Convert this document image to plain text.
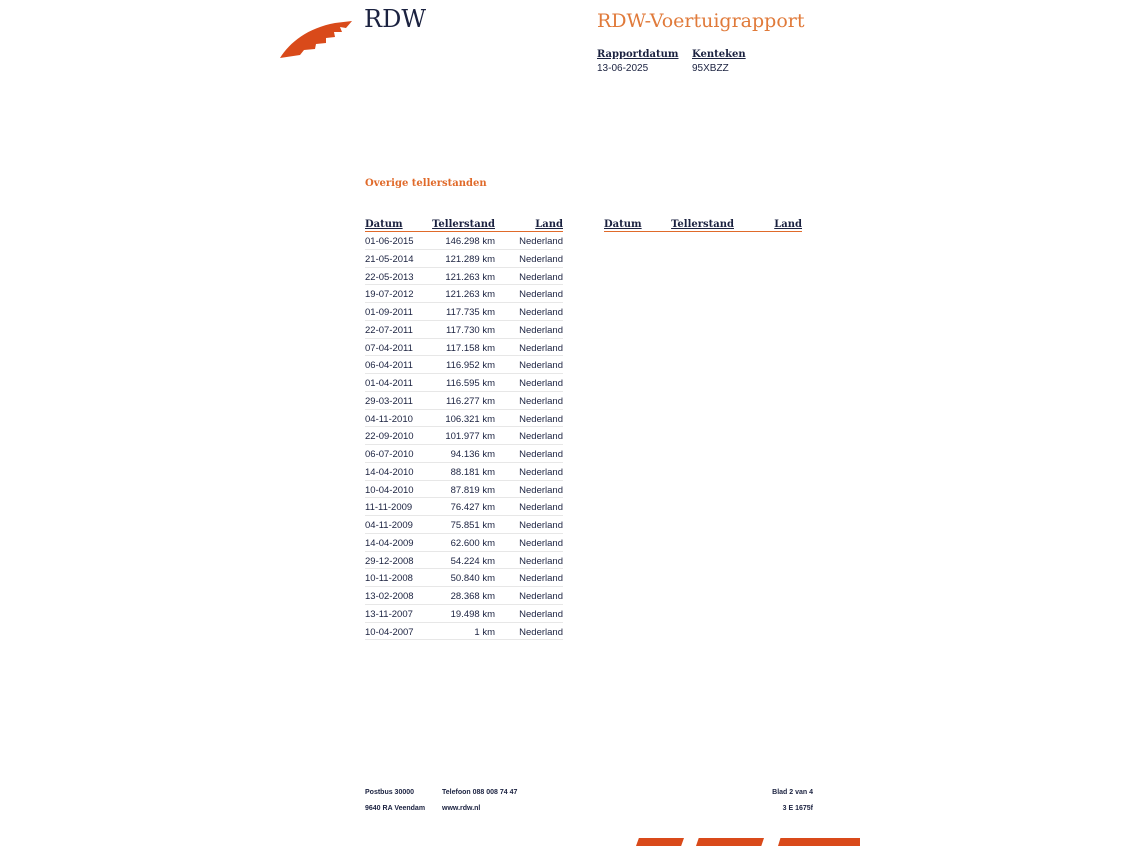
RDW	RDW-Voertuigrapport
Rapportdatum
13-06-2025
Kenteken
95XBZZ
Overige tellerstanden
Datum	Tellerstand	Land
01-06-2015	146.298 km	Nederland
21-05-2014	121.289 km	Nederland
22-05-2013	121.263 km	Nederland
19-07-2012	121.263 km	Nederland
01-09-2011	117.735 km	Nederland
22-07-2011	117.730 km	Nederland
07-04-2011	117.158 km	Nederland
06-04-2011	116.952 km	Nederland
01-04-2011	116.595 km	Nederland
29-03-2011	116.277 km	Nederland
04-11-2010	106.321 km	Nederland
22-09-2010	101.977 km	Nederland
06-07-2010	94.136 km	Nederland
14-04-2010	88.181 km	Nederland
10-04-2010	87.819 km	Nederland
11-11-2009	76.427 km	Nederland
04-11-2009	75.851 km	Nederland
14-04-2009	62.600 km	Nederland
29-12-2008	54.224 km	Nederland
10-11-2008	50.840 km	Nederland
13-02-2008	28.368 km	Nederland
13-11-2007	19.498 km	Nederland
10-04-2007	1 km	Nederland
Datum	Tellerstand	Land
Postbus 30000
9640 RA Veendam
Telefoon 088 008 74 47
www.rdw.nl
Blad 2 van 4
3 E 1675f
